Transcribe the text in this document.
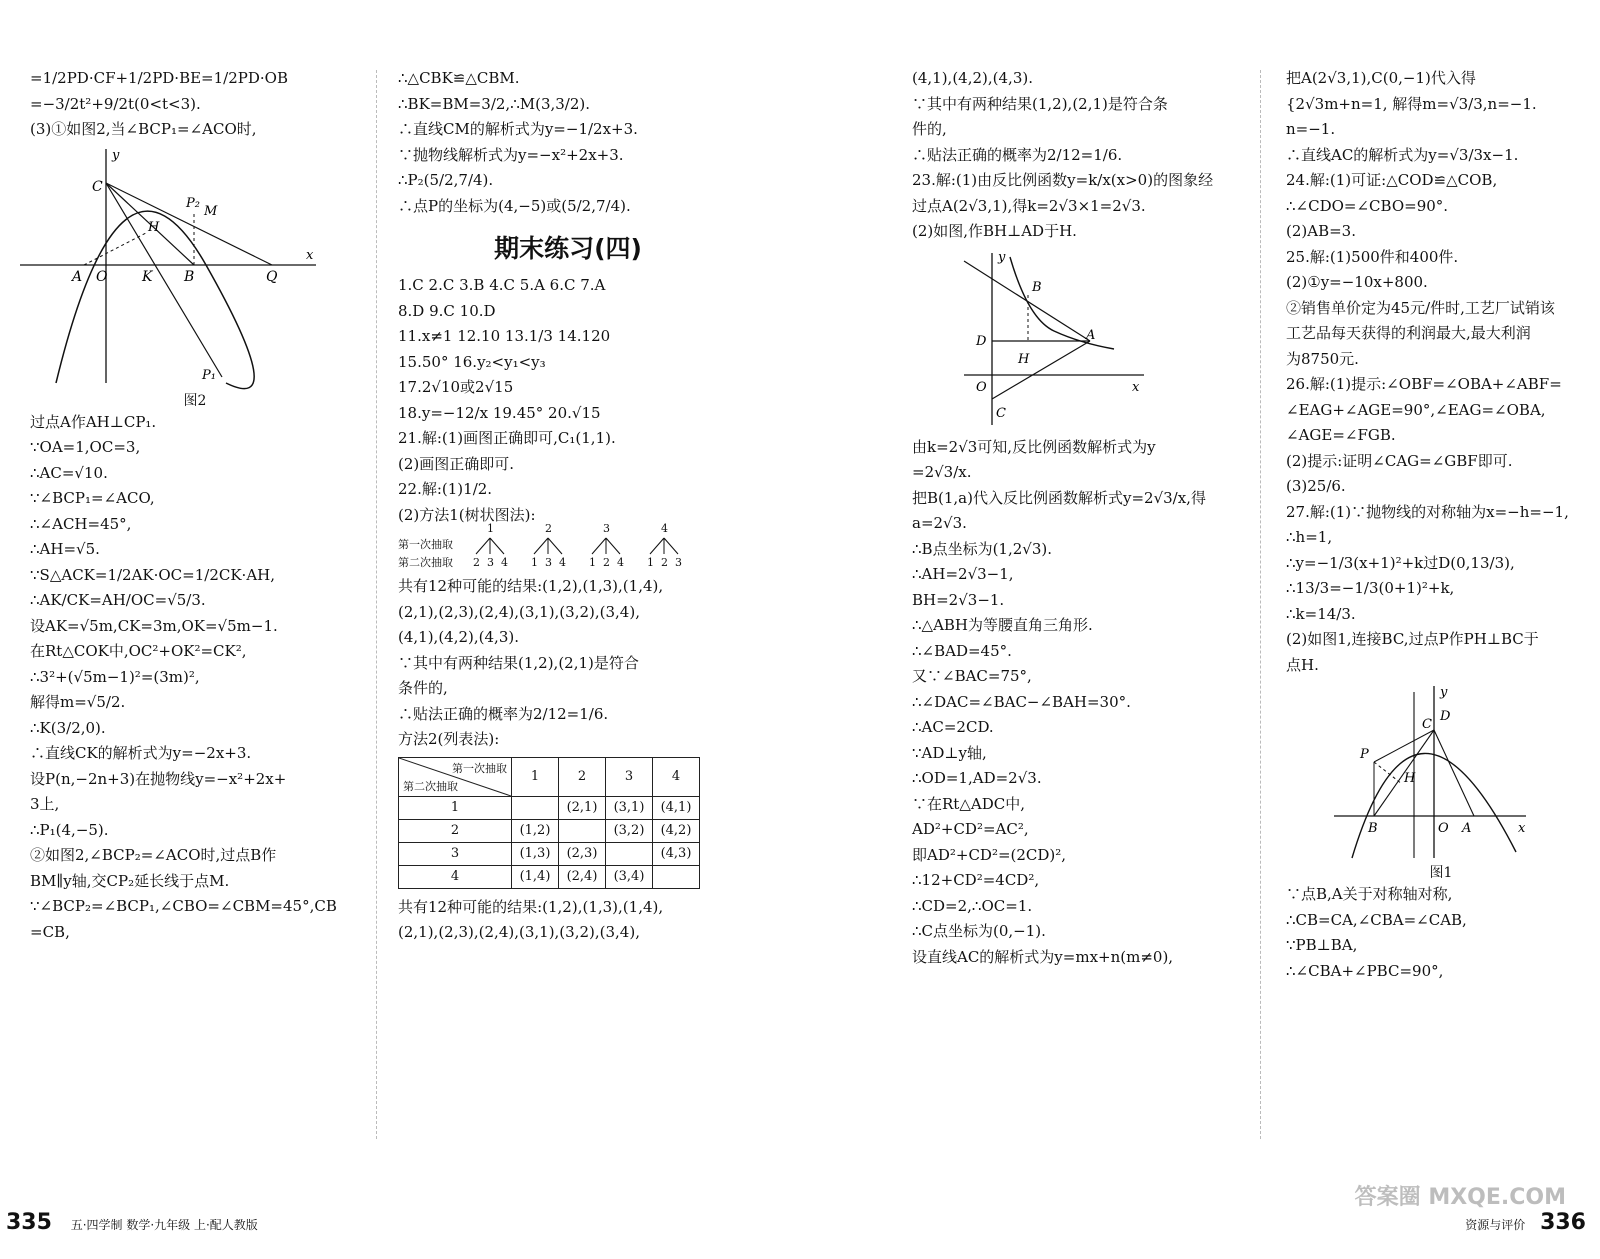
=1/2PD·CF+1/2PD·BE=1/2PD·OB
=−3/2t²+9/2t(0<t<3).
(3)①如图2,当∠BCP₁=∠ACO时,
y
C
P₂
M
H
A O K B	Q
x
P₁
图2
过点A作AH⊥CP₁.
∵OA=1,OC=3,
∴AC=√10.
∵∠BCP₁=∠ACO,
∴∠ACH=45°,
∴AH=√5.
∵S△ACK=1/2AK·OC=1/2CK·AH,
∴AK/CK=AH/OC=√5/3.
设AK=√5m,CK=3m,OK=√5m−1.
在Rt△COK中,OC²+OK²=CK²,
∴3²+(√5m−1)²=(3m)²,
解得m=√5/2.
∴K(3/2,0).
∴直线CK的解析式为y=−2x+3.
设P(n,−2n+3)在抛物线y=−x²+2x+
3上,
∴P₁(4,−5).
②如图2,∠BCP₂=∠ACO时,过点B作
BM∥y轴,交CP₂延长线于点M.
∵∠BCP₂=∠BCP₁,∠CBO=∠CBM=45°,CB
=CB,
∴△CBK≌△CBM.
∴BK=BM=3/2,∴M(3,3/2).
∴直线CM的解析式为y=−1/2x+3.
∵抛物线解析式为y=−x²+2x+3.
∴P₂(5/2,7/4).
∴点P的坐标为(4,−5)或(5/2,7/4).
期末练习(四)
1.C 2.C 3.B 4.C 5.A 6.C 7.A
8.D 9.C 10.D
11.x≠1 12.10 13.1/3 14.120
15.50° 16.y₂<y₁<y₃
17.2√10或2√15
18.y=−12/x 19.45° 20.√15
21.解:(1)画图正确即可,C₁(1,1).
(2)画图正确即可.
22.解:(1)1/2.
(2)方法1(树状图法):
第一次抽取
第二次抽取
1
2 3 4
2
1 3 4
3
1 2 4
4
1 2 3
共有12种可能的结果:(1,2),(1,3),(1,4),
(2,1),(2,3),(2,4),(3,1),(3,2),(3,4),
(4,1),(4,2),(4,3).
∵其中有两种结果(1,2),(2,1)是符合
条件的,
∴贴法正确的概率为2/12=1/6.
方法2(列表法):
第一次抽取
第二次抽取	1	2	3	4
1		(2,1)	(3,1)	(4,1)
2	(1,2)		(3,2)	(4,2)
3	(1,3)	(2,3)		(4,3)
4	(1,4)	(2,4)	(3,4)	
共有12种可能的结果:(1,2),(1,3),(1,4),
(2,1),(2,3),(2,4),(3,1),(3,2),(3,4),
335 五·四学制 数学·九年级 上·配人教版
(4,1),(4,2),(4,3).
∵其中有两种结果(1,2),(2,1)是符合条
件的,
∴贴法正确的概率为2/12=1/6.
23.解:(1)由反比例函数y=k/x(x>0)的图象经
过点A(2√3,1),得k=2√3×1=2√3.
(2)如图,作BH⊥AD于H.
y
B
D
H
A
O	x
C
由k=2√3可知,反比例函数解析式为y
=2√3/x.
把B(1,a)代入反比例函数解析式y=2√3/x,得
a=2√3.
∴B点坐标为(1,2√3).
∴AH=2√3−1,
BH=2√3−1.
∴△ABH为等腰直角三角形.
∴∠BAD=45°.
又∵∠BAC=75°,
∴∠DAC=∠BAC−∠BAH=30°.
∴AC=2CD.
∵AD⊥y轴,
∴OD=1,AD=2√3.
∵在Rt△ADC中,
AD²+CD²=AC²,
即AD²+CD²=(2CD)²,
∴12+CD²=4CD²,
∴CD=2,∴OC=1.
∴C点坐标为(0,−1).
设直线AC的解析式为y=mx+n(m≠0),
把A(2√3,1),C(0,−1)代入得
{2√3m+n=1, 解得m=√3/3,n=−1.
n=−1.
∴直线AC的解析式为y=√3/3x−1.
24.解:(1)可证:△COD≌△COB,
∴∠CDO=∠CBO=90°.
(2)AB=3.
25.解:(1)500件和400件.
(2)①y=−10x+800.
②销售单价定为45元/件时,工艺厂试销该
工艺品每天获得的利润最大,最大利润
为8750元.
26.解:(1)提示:∠OBF=∠OBA+∠ABF=
∠EAG+∠AGE=90°,∠EAG=∠OBA,
∠AGE=∠FGB.
(2)提示:证明∠CAG=∠GBF即可.
(3)25/6.
27.解:(1)∵抛物线的对称轴为x=−h=−1,
∴h=1,
∴y=−1/3(x+1)²+k过D(0,13/3),
∴13/3=−1/3(0+1)²+k,
∴k=14/3.
(2)如图1,连接BC,过点P作PH⊥BC于
点H.
y
D
C
P
H
B	O A	x
图1
∵点B,A关于对称轴对称,
∴CB=CA,∠CBA=∠CAB,
∵PB⊥BA,
∴∠CBA+∠PBC=90°,
资源与评价 336
答案圈 MXQE.COM
